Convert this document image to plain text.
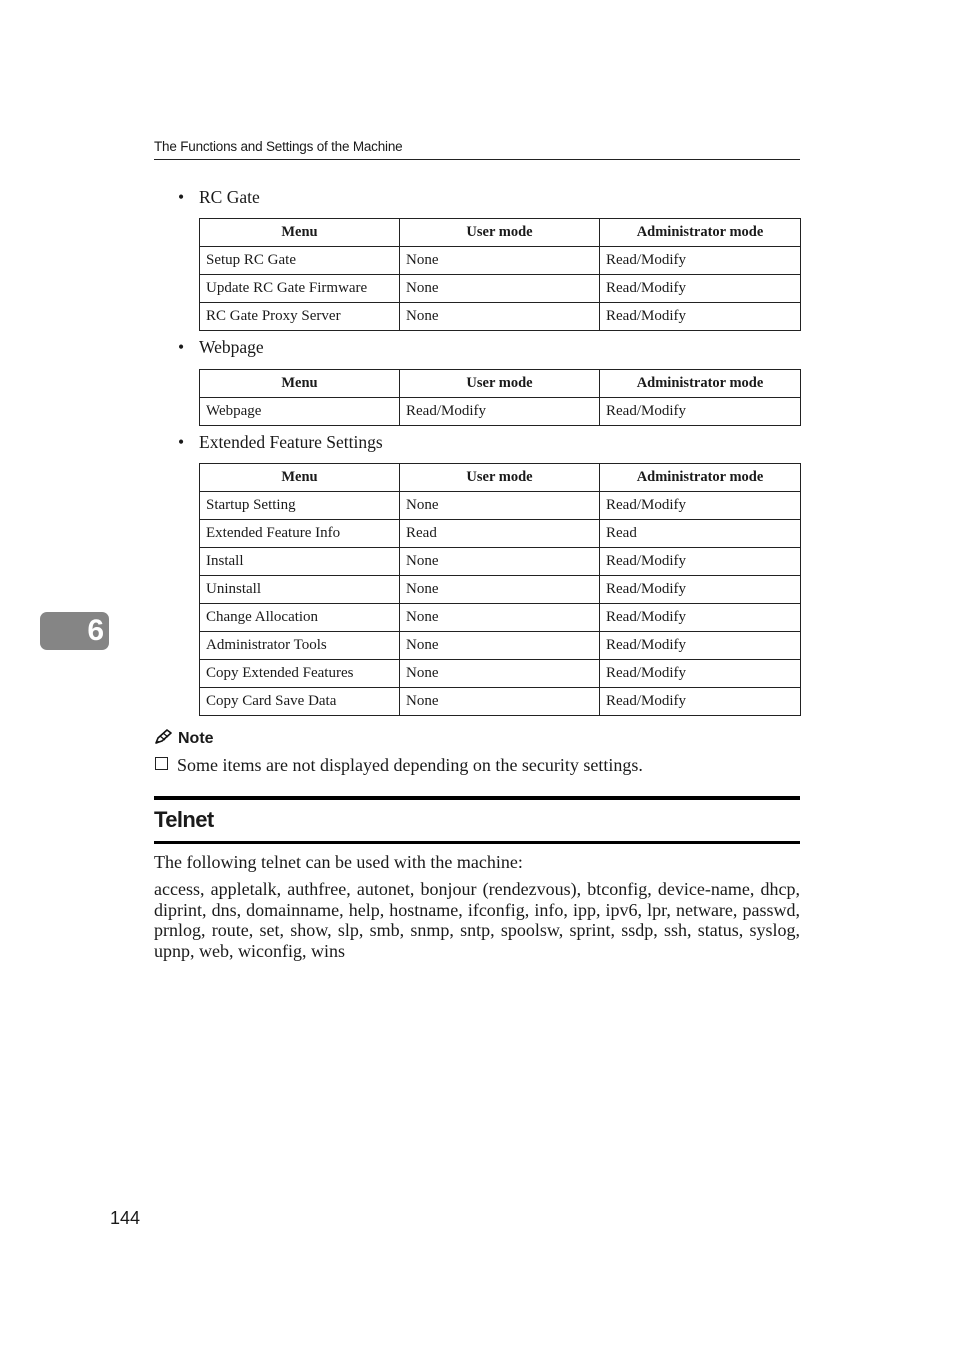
The Functions and Settings of the Machine
• RC Gate
Menu	User mode	Administrator mode
Setup RC Gate	None	Read/Modify
Update RC Gate Firmware	None	Read/Modify
RC Gate Proxy Server	None	Read/Modify
• Webpage
Menu	User mode	Administrator mode
Webpage	Read/Modify	Read/Modify
• Extended Feature Settings
Menu	User mode	Administrator mode
Startup Setting	None	Read/Modify
Extended Feature Info	Read	Read
Install	None	Read/Modify
Uninstall	None	Read/Modify
Change Allocation	None	Read/Modify
Administrator Tools	None	Read/Modify
Copy Extended Features	None	Read/Modify
Copy Card Save Data	None	Read/Modify
Note
Some items are not displayed depending on the security settings.
Telnet
The following telnet can be used with the machine:
access, appletalk, authfree, autonet, bonjour (rendezvous), btconfig, device-name, dhcp, diprint, dns, domainname, help, hostname, ifconfig, info, ipp, ipv6, lpr, netware, passwd, prnlog, route, set, show, slp, smb, snmp, sntp, spoolsw, sprint, ssdp, ssh, status, syslog, upnp, web, wiconfig, wins
6
144
